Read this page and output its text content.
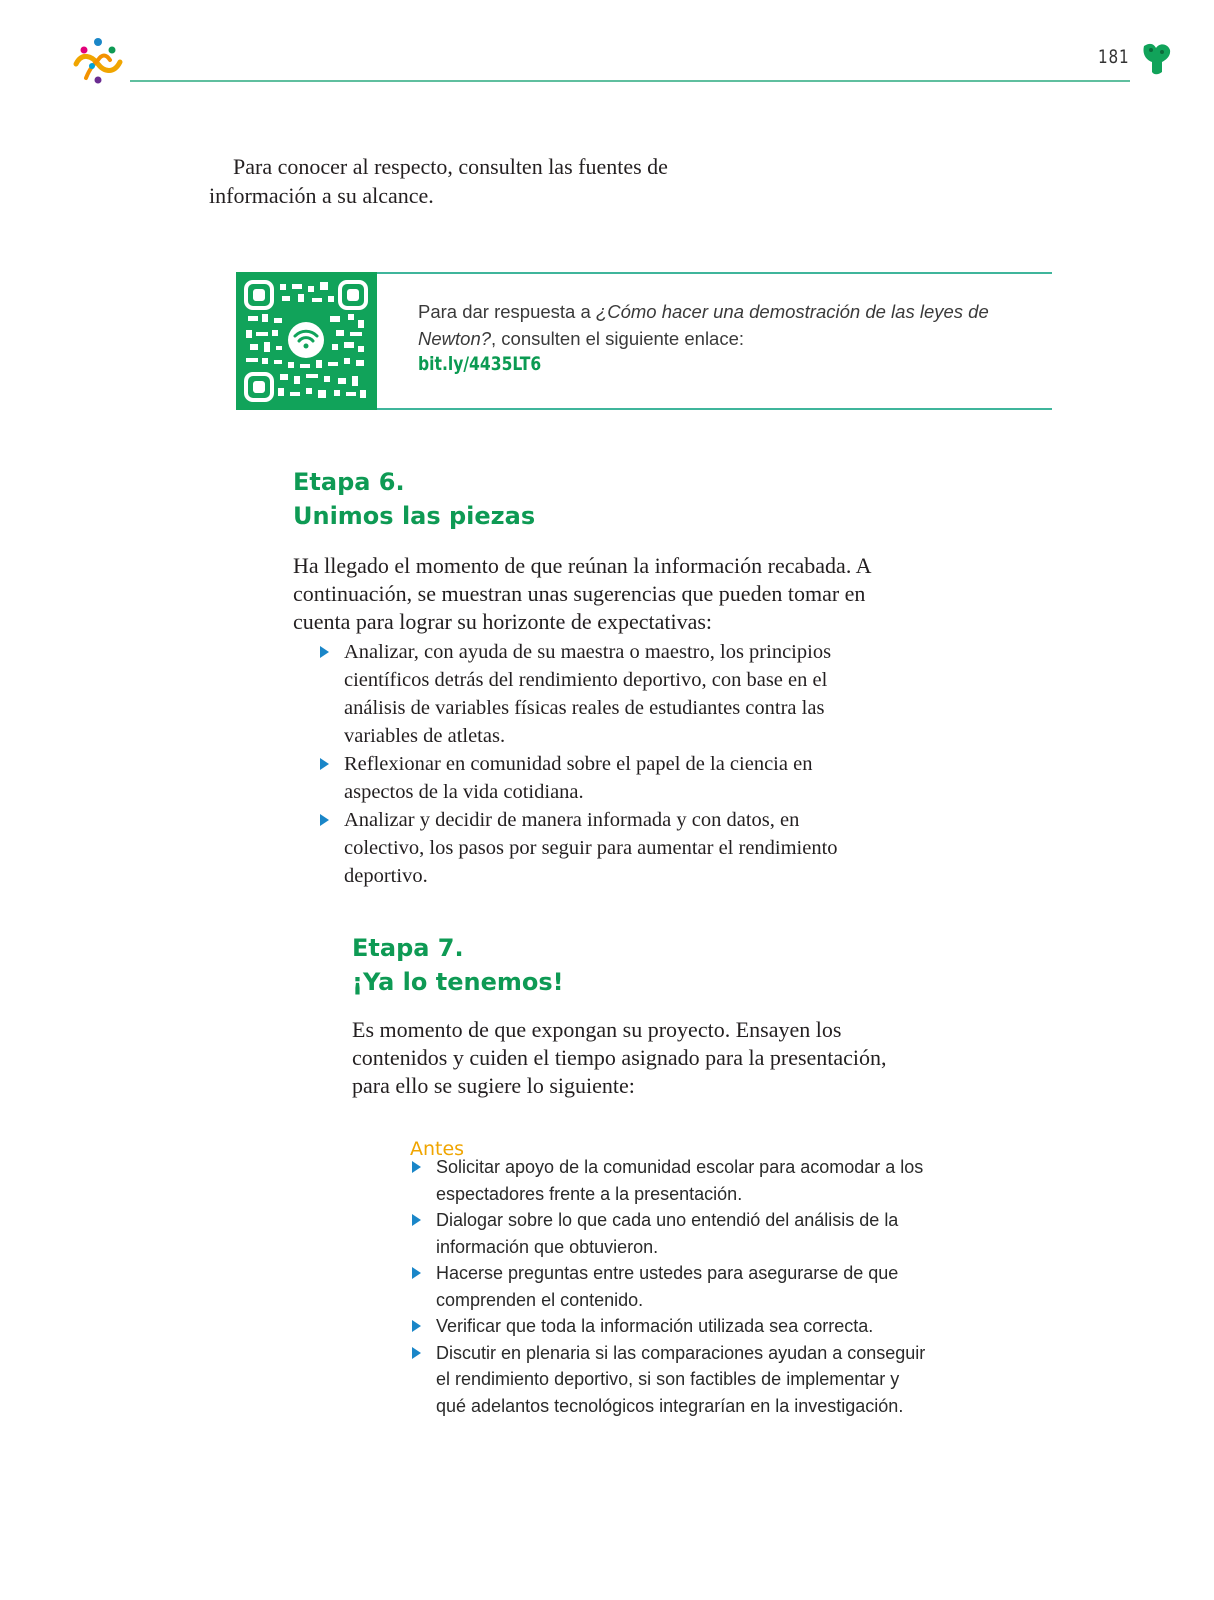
181

Para conocer al respecto, consulten las fuentes de información a su alcance.

Para dar respuesta a ¿Cómo hacer una demostración de las leyes de Newton?, consulten el siguiente enlace:
bit.ly/4435LT6
Etapa 6.
Unimos las piezas

Ha llegado el momento de que reúnan la información recabada. A continuación, se muestran unas sugerencias que pueden tomar en cuenta para lograr su horizonte de expectativas:

Analizar, con ayuda de su maestra o maestro, los principios científicos detrás del rendimiento deportivo, con base en el análisis de variables físicas reales de estudiantes contra las variables de atletas.
Reflexionar en comunidad sobre el papel de la ciencia en aspectos de la vida cotidiana.
Analizar y decidir de manera informada y con datos, en colectivo, los pasos por seguir para aumentar el rendimiento deportivo.
Etapa 7.
¡Ya lo tenemos!

Es momento de que expongan su proyecto. Ensayen los contenidos y cuiden el tiempo asignado para la presentación, para ello se sugiere lo siguiente:

Antes

Solicitar apoyo de la comunidad escolar para acomodar a los espectadores frente a la presentación.
Dialogar sobre lo que cada uno entendió del análisis de la información que obtuvieron.
Hacerse preguntas entre ustedes para asegurarse de que comprenden el contenido.
Verificar que toda la información utilizada sea correcta.
Discutir en plenaria si las comparaciones ayudan a conseguir el rendimiento deportivo, si son factibles de implementar y qué adelantos tecnológicos integrarían en la investigación.
